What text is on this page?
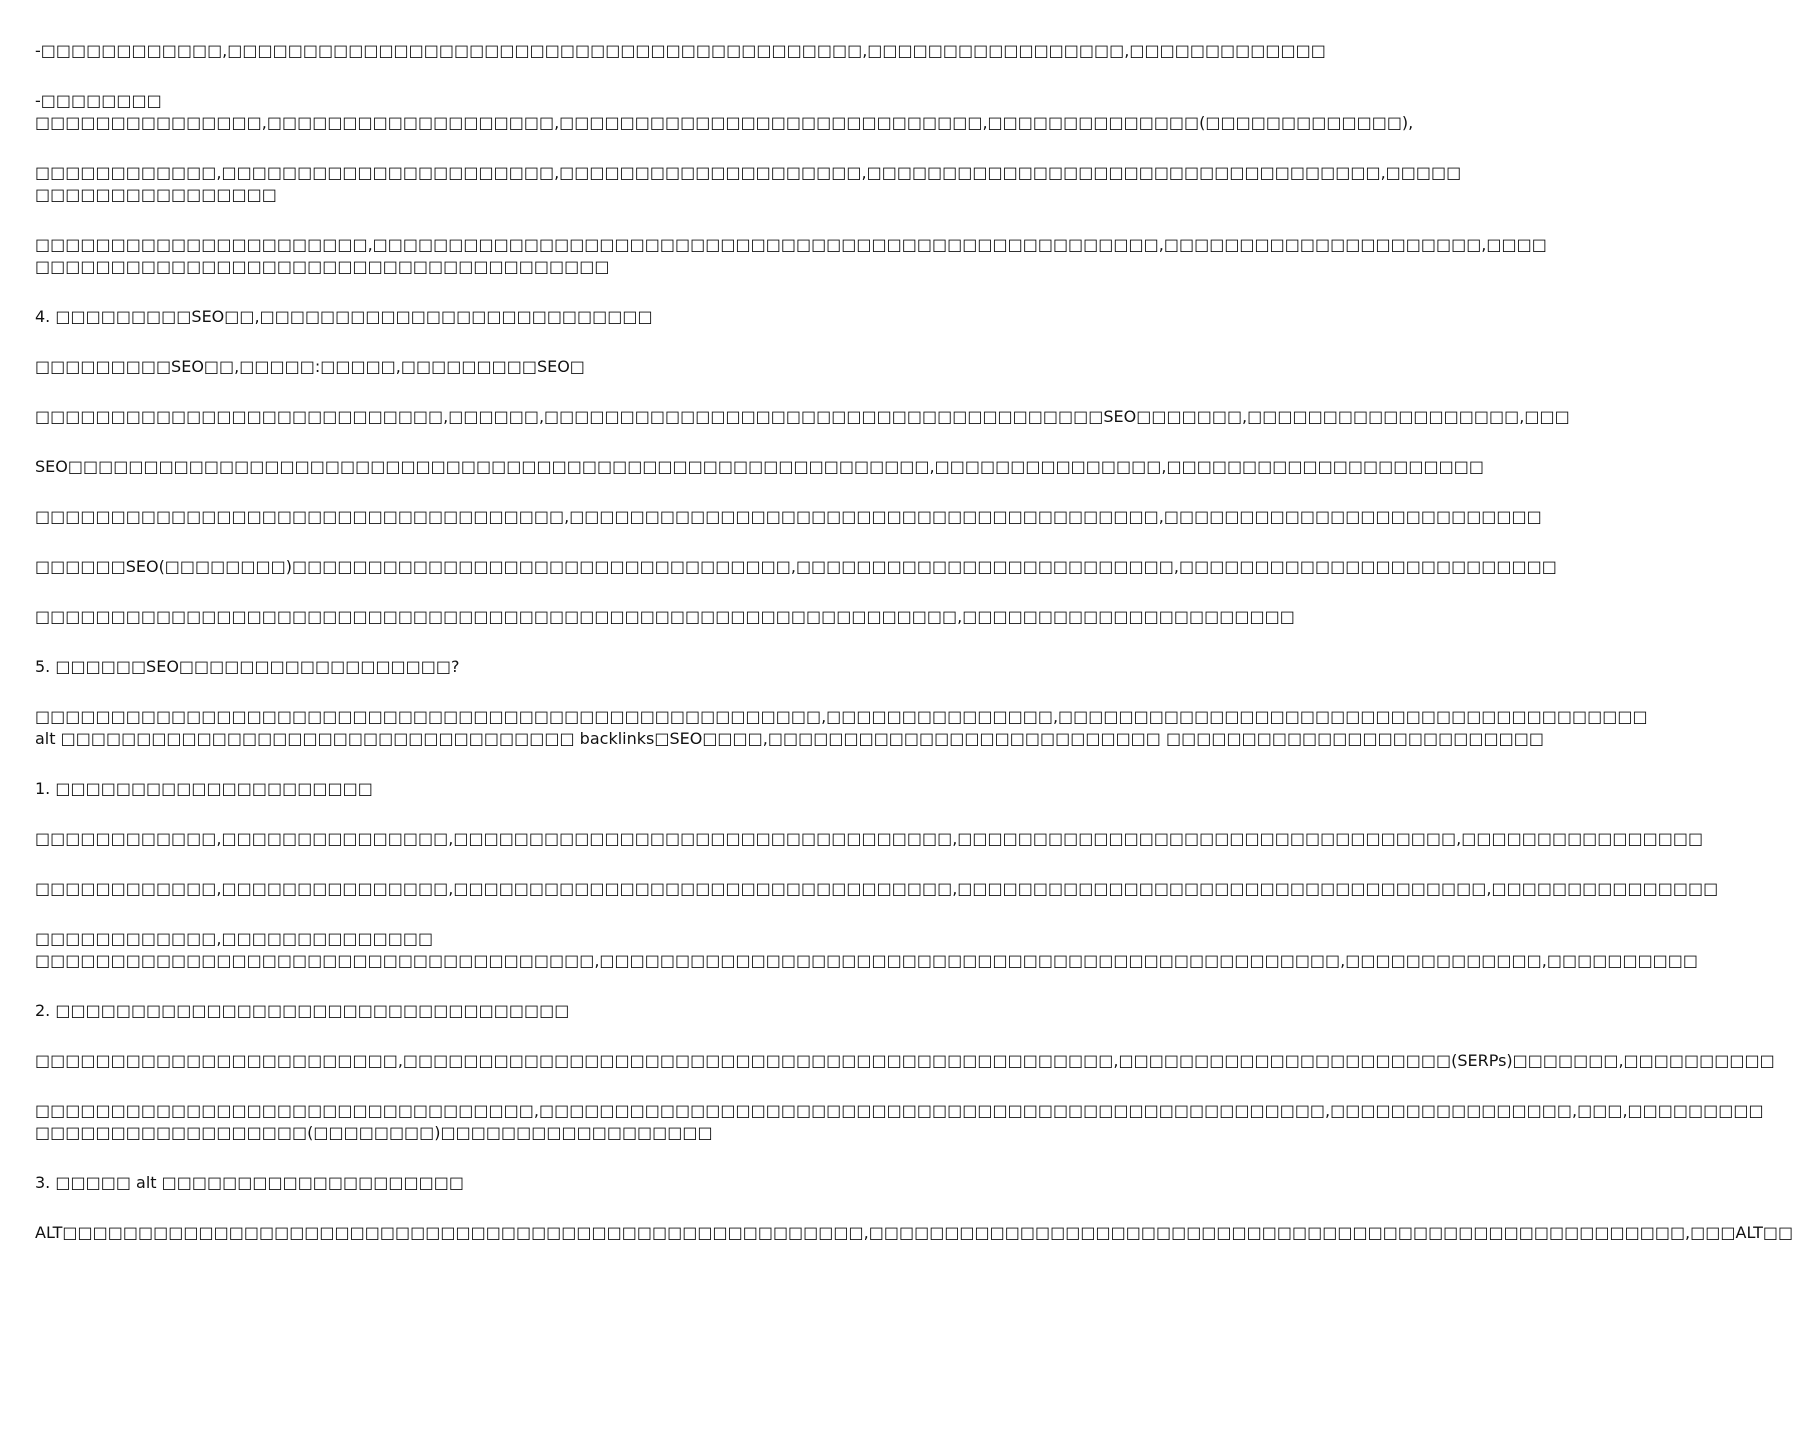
-□□□□□□□□□□□□,□□□□□□□□□□□□□□□□□□□□□□□□□□□□□□□□□□□□□□□□□□,□□□□□□□□□□□□□□□□□,□□□□□□□□□□□□□

-□□□□□□□□
□□□□□□□□□□□□□□□,□□□□□□□□□□□□□□□□□□□,□□□□□□□□□□□□□□□□□□□□□□□□□□□□,□□□□□□□□□□□□□□(□□□□□□□□□□□□□),

□□□□□□□□□□□□,□□□□□□□□□□□□□□□□□□□□□□,□□□□□□□□□□□□□□□□□□□□,□□□□□□□□□□□□□□□□□□□□□□□□□□□□□□□□□□,□□□□□
□□□□□□□□□□□□□□□□

□□□□□□□□□□□□□□□□□□□□□□,□□□□□□□□□□□□□□□□□□□□□□□□□□□□□□□□□□□□□□□□□□□□□□□□□□□□,□□□□□□□□□□□□□□□□□□□□□,□□□□
□□□□□□□□□□□□□□□□□□□□□□□□□□□□□□□□□□□□□□

4. □□□□□□□□□SEO□□,□□□□□□□□□□□□□□□□□□□□□□□□□□

□□□□□□□□□SEO□□,□□□□□:□□□□□,□□□□□□□□□SEO□

□□□□□□□□□□□□□□□□□□□□□□□□□□□,□□□□□□,□□□□□□□□□□□□□□□□□□□□□□□□□□□□□□□□□□□□□SEO□□□□□□□,□□□□□□□□□□□□□□□□□□,□□□

SEO□□□□□□□□□□□□□□□□□□□□□□□□□□□□□□□□□□□□□□□□□□□□□□□□□□□□□□□□□,□□□□□□□□□□□□□□□,□□□□□□□□□□□□□□□□□□□□□

□□□□□□□□□□□□□□□□□□□□□□□□□□□□□□□□□□□,□□□□□□□□□□□□□□□□□□□□□□□□□□□□□□□□□□□□□□□,□□□□□□□□□□□□□□□□□□□□□□□□□

□□□□□□SEO(□□□□□□□□)□□□□□□□□□□□□□□□□□□□□□□□□□□□□□□□□□,□□□□□□□□□□□□□□□□□□□□□□□□□,□□□□□□□□□□□□□□□□□□□□□□□□□

□□□□□□□□□□□□□□□□□□□□□□□□□□□□□□□□□□□□□□□□□□□□□□□□□□□□□□□□□□□□□,□□□□□□□□□□□□□□□□□□□□□□

5. □□□□□□SEO□□□□□□□□□□□□□□□□□□?

□□□□□□□□□□□□□□□□□□□□□□□□□□□□□□□□□□□□□□□□□□□□□□□□□□□□,□□□□□□□□□□□□□□□,□□□□□□□□□□□□□□□□□□□□□□□□□□□□□□□□□□□□□□□
alt □□□□□□□□□□□□□□□□□□□□□□□□□□□□□□□□□□ backlinks□SEO□□□□,□□□□□□□□□□□□□□□□□□□□□□□□□□ □□□□□□□□□□□□□□□□□□□□□□□□□

1. □□□□□□□□□□□□□□□□□□□□□

□□□□□□□□□□□□,□□□□□□□□□□□□□□□,□□□□□□□□□□□□□□□□□□□□□□□□□□□□□□□□□,□□□□□□□□□□□□□□□□□□□□□□□□□□□□□□□□□,□□□□□□□□□□□□□□□□

□□□□□□□□□□□□,□□□□□□□□□□□□□□□,□□□□□□□□□□□□□□□□□□□□□□□□□□□□□□□□□,□□□□□□□□□□□□□□□□□□□□□□□□□□□□□□□□□□□,□□□□□□□□□□□□□□□

□□□□□□□□□□□□,□□□□□□□□□□□□□□
□□□□□□□□□□□□□□□□□□□□□□□□□□□□□□□□□□□□□,□□□□□□□□□□□□□□□□□□□□□□□□□□□□□□□□□□□□□□□□□□□□□□□□□,□□□□□□□□□□□□□,□□□□□□□□□□

2. □□□□□□□□□□□□□□□□□□□□□□□□□□□□□□□□□□

□□□□□□□□□□□□□□□□□□□□□□□□,□□□□□□□□□□□□□□□□□□□□□□□□□□□□□□□□□□□□□□□□□□□□□□□,□□□□□□□□□□□□□□□□□□□□□□(SERPs)□□□□□□□,□□□□□□□□□□

□□□□□□□□□□□□□□□□□□□□□□□□□□□□□□□□□,□□□□□□□□□□□□□□□□□□□□□□□□□□□□□□□□□□□□□□□□□□□□□□□□□□□□,□□□□□□□□□□□□□□□□,□□□,□□□□□□□□□
□□□□□□□□□□□□□□□□□□(□□□□□□□□)□□□□□□□□□□□□□□□□□□

3. □□□□□ alt □□□□□□□□□□□□□□□□□□□□

ALT□□□□□□□□□□□□□□□□□□□□□□□□□□□□□□□□□□□□□□□□□□□□□□□□□□□□□,□□□□□□□□□□□□□□□□□□□□□□□□□□□□□□□□□□□□□□□□□□□□□□□□□□□□□□,□□□ALT□□
